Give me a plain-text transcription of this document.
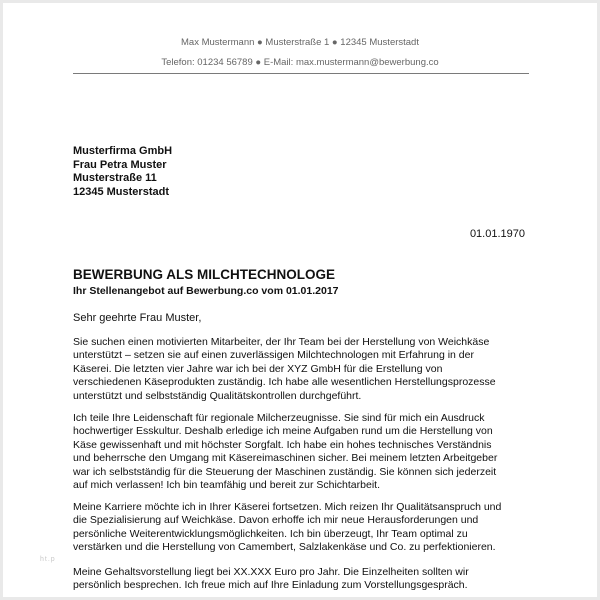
Max Mustermann ● Musterstraße 1 ● 12345 Musterstadt
Telefon: 01234 56789 ● E-Mail: max.mustermann@bewerbung.co
Musterfirma GmbH
Frau Petra Muster
Musterstraße 11
12345 Musterstadt
01.01.1970
BEWERBUNG ALS MILCHTECHNOLOGE
Ihr Stellenangebot auf Bewerbung.co vom 01.01.2017
Sehr geehrte Frau Muster,
Sie suchen einen motivierten Mitarbeiter, der Ihr Team bei der Herstellung von Weichkäse
unterstützt – setzen sie auf einen zuverlässigen Milchtechnologen mit Erfahrung in der
Käserei. Die letzten vier Jahre war ich bei der XYZ GmbH für die Erstellung von
verschiedenen Käseprodukten zuständig. Ich habe alle wesentlichen Herstellungsprozesse
unterstützt und selbstständig Qualitätskontrollen durchgeführt.
Ich teile Ihre Leidenschaft für regionale Milcherzeugnisse. Sie sind für mich ein Ausdruck
hochwertiger Esskultur. Deshalb erledige ich meine Aufgaben rund um die Herstellung von
Käse gewissenhaft und mit höchster Sorgfalt. Ich habe ein hohes technisches Verständnis
und beherrsche den Umgang mit Käsereimaschinen sicher. Bei meinem letzten Arbeitgeber
war ich selbstständig für die Steuerung der Maschinen zuständig. Sie können sich jederzeit
auf mich verlassen! Ich bin teamfähig und bereit zur Schichtarbeit.
Meine Karriere möchte ich in Ihrer Käserei fortsetzen. Mich reizen Ihr Qualitätsanspruch und
die Spezialisierung auf Weichkäse. Davon erhoffe ich mir neue Herausforderungen und
persönliche Weiterentwicklungsmöglichkeiten. Ich bin überzeugt, Ihr Team optimal zu
verstärken und die Herstellung von Camembert, Salzlakenkäse und Co. zu perfektionieren.
Meine Gehaltsvorstellung liegt bei XX.XXX Euro pro Jahr. Die Einzelheiten sollten wir
persönlich besprechen. Ich freue mich auf Ihre Einladung zum Vorstellungsgespräch.
ht.p
